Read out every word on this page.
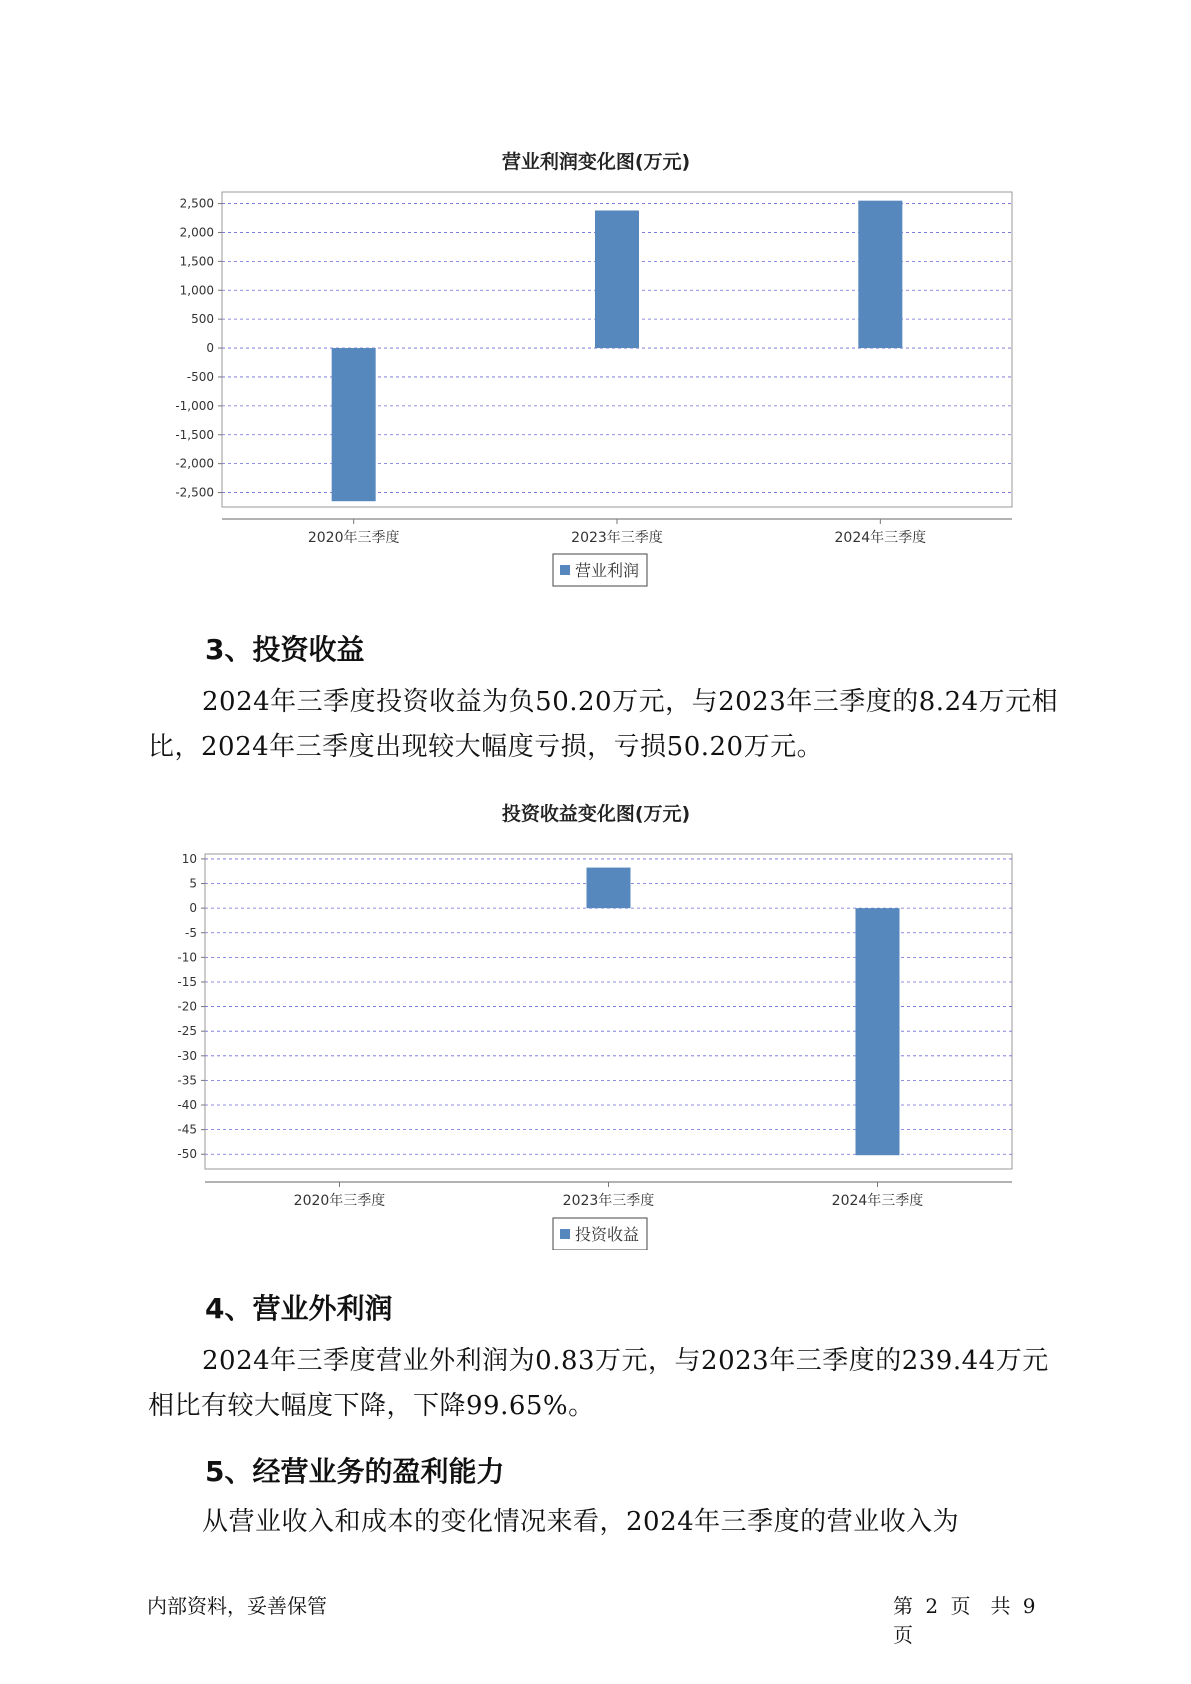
营业利润变化图(万元)
2,500
2,000
1,500
1,000
500
0
-500
-1,000
-1,500
-2,000
-2,500
2020年三季度	2023年三季度	2024年三季度
营业利润
3、投资收益

2024年三季度投资收益为负50.20万元，与2023年三季度的8.24万元相比，2024年三季度出现较大幅度亏损，亏损50.20万元。

投资收益变化图(万元)
10
5
0
-5
-10
-15
-20
-25
-30
-35
-40
-45
-50
2020年三季度	2023年三季度	2024年三季度
投资收益
4、营业外利润

2024年三季度营业外利润为0.83万元，与2023年三季度的239.44万元相比有较大幅度下降，下降99.65%。

5、经营业务的盈利能力

从营业收入和成本的变化情况来看，2024年三季度的营业收入为

内部资料，妥善保管	第 2 页　共 9 页
